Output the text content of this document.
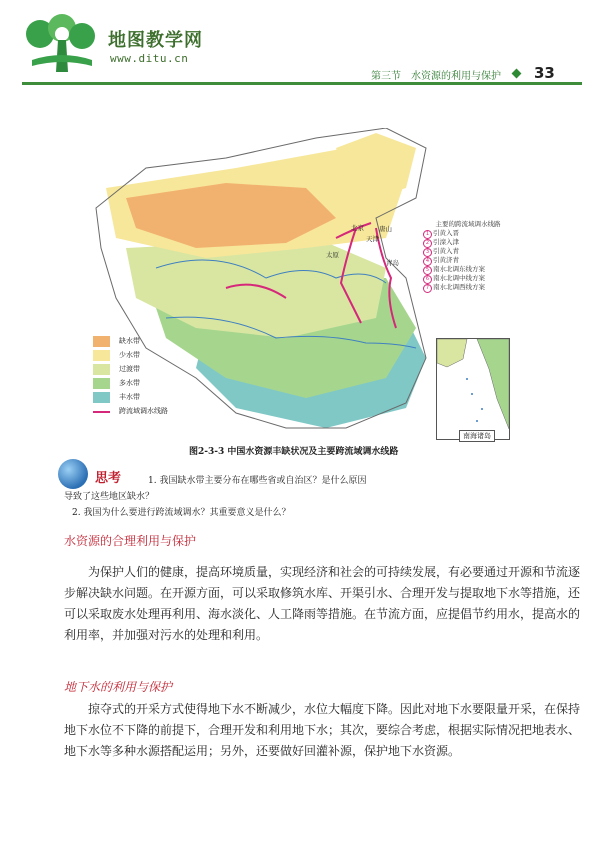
地图教学网
www.ditu.cn
第三节　水资源的利用与保护 33
北京
天津
唐山
太原
青岛
缺水带
少水带
过渡带
多水带
丰水带
跨流域调水线路
主要的跨流域调水线路
1 引黄入晋
2 引滦入津
3 引黄入青
4 引黄济青
5 南水北调东线方案
6 南水北调中线方案
7 南水北调西线方案
南海诸岛
图2-3-3 中国水资源丰缺状况及主要跨流域调水线路
思考	1. 我国缺水带主要分布在哪些省或自治区？是什么原因
导致了这些地区缺水？
2. 我国为什么要进行跨流域调水？其重要意义是什么？
水资源的合理利用与保护
为保护人们的健康，提高环境质量，实现经济和社会的可持续发展，有必要通过开源和节流逐步解决缺水问题。在开源方面，可以采取修筑水库、开渠引水、合理开发与提取地下水等措施，还可以采取废水处理再利用、海水淡化、人工降雨等措施。在节流方面，应提倡节约用水，提高水的利用率，并加强对污水的处理和利用。
地下水的利用与保护
掠夺式的开采方式使得地下水不断减少，水位大幅度下降。因此对地下水要限量开采，在保持地下水位不下降的前提下，合理开发和利用地下水；其次，要综合考虑，根据实际情况把地表水、地下水等多种水源搭配运用；另外，还要做好回灌补源，保护地下水资源。
